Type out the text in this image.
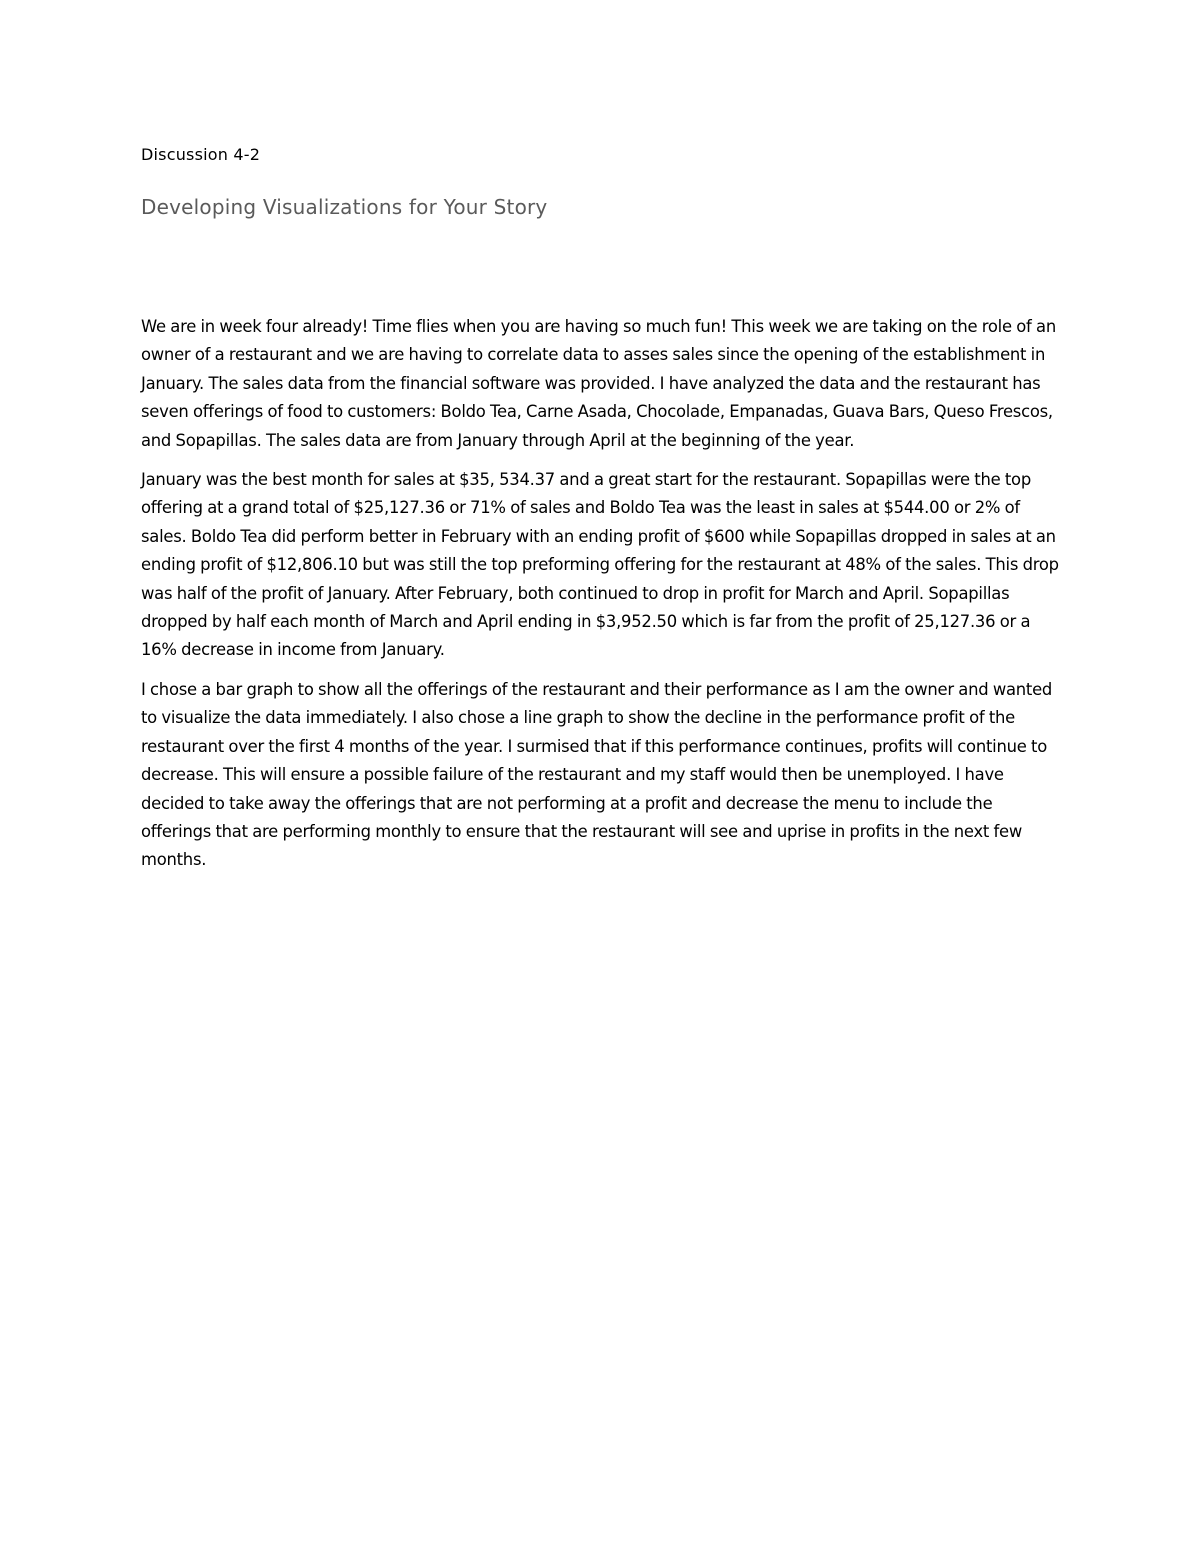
Discussion 4-2

Developing Visualizations for Your Story

We are in week four already! Time flies when you are having so much fun! This week we are taking on the role of an owner of a restaurant and we are having to correlate data to asses sales since the opening of the establishment in January. The sales data from the financial software was provided. I have analyzed the data and the restaurant has seven offerings of food to customers: Boldo Tea, Carne Asada, Chocolade, Empanadas, Guava Bars, Queso Frescos, and Sopapillas. The sales data are from January through April at the beginning of the year.

January was the best month for sales at $35, 534.37 and a great start for the restaurant. Sopapillas were the top offering at a grand total of $25,127.36 or 71% of sales and Boldo Tea was the least in sales at $544.00 or 2% of sales. Boldo Tea did perform better in February with an ending profit of $600 while Sopapillas dropped in sales at an ending profit of $12,806.10 but was still the top preforming offering for the restaurant at 48% of the sales. This drop was half of the profit of January. After February, both continued to drop in profit for March and April. Sopapillas dropped by half each month of March and April ending in $3,952.50 which is far from the profit of 25,127.36 or a 16% decrease in income from January.

I chose a bar graph to show all the offerings of the restaurant and their performance as I am the owner and wanted to visualize the data immediately. I also chose a line graph to show the decline in the performance profit of the restaurant over the first 4 months of the year. I surmised that if this performance continues, profits will continue to decrease. This will ensure a possible failure of the restaurant and my staff would then be unemployed. I have decided to take away the offerings that are not performing at a profit and decrease the menu to include the offerings that are performing monthly to ensure that the restaurant will see and uprise in profits in the next few months.
